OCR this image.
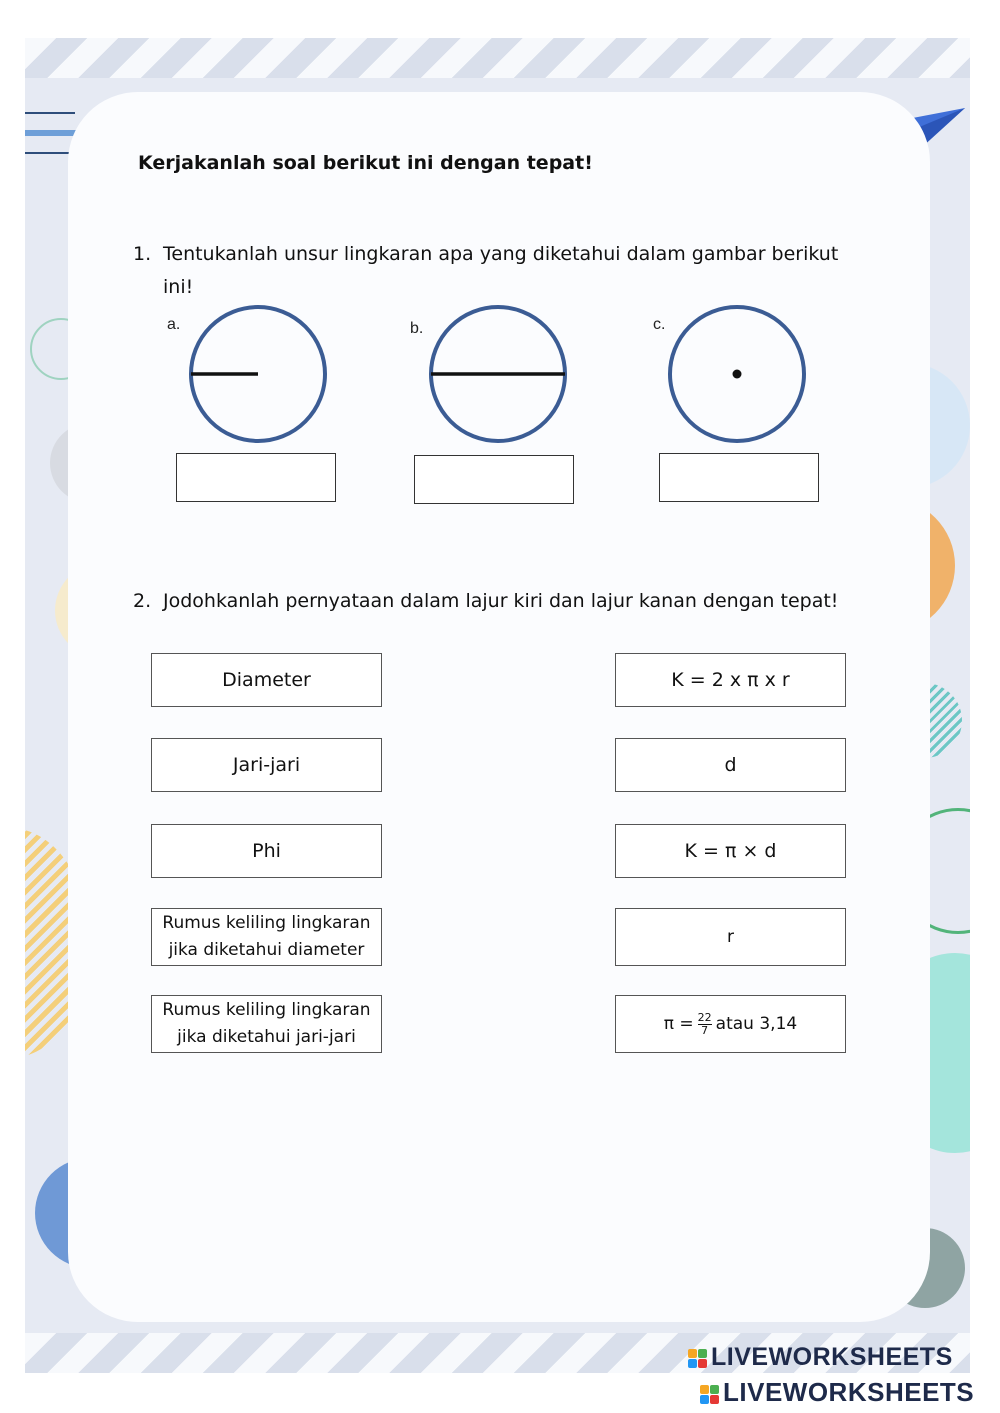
Kerjakanlah soal berikut ini dengan tepat!
1. Tentukanlah unsur lingkaran apa yang diketahui dalam gambar berikut ini!
a.	b.	c.
2. Jodohkanlah pernyataan dalam lajur kiri dan lajur kanan dengan tepat!
Diameter
Jari-jari
Phi
Rumus keliling lingkaran
jika diketahui diameter
Rumus keliling lingkaran
jika diketahui jari-jari
K = 2 x π x r
d
K = π × d
r
$\pi = \frac{22}{7}$ atau 3,14
LIVEWORKSHEETS
LIVEWORKSHEETS
